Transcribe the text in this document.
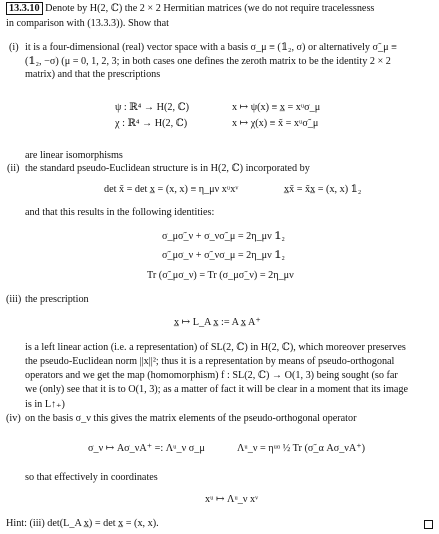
13.3.10 Denote by H(2, ℂ) the 2 × 2 Hermitian matrices (we do not require tracelessness
in comparison with (13.3.3)). Show that
(i) it is a four-dimensional (real) vector space with a basis σ_μ ≡ (𝟙₂, σ) or alternatively σ̃_μ ≡
(𝟙₂, −σ) (μ = 0, 1, 2, 3; in both cases one defines the zeroth matrix to be the identity 2 × 2
matrix) and that the prescriptions
ψ : ℝ⁴ → H(2, ℂ)	x ↦ ψ(x) ≡ x̲ = xᵘσ_μ
χ : ℝ⁴ → H(2, ℂ)	x ↦ χ(x) ≡ x̃ = xᵘσ̃_μ
are linear isomorphisms
(ii) the standard pseudo-Euclidean structure is in H(2, ℂ) incorporated by
det x̃ = det x̲ = (x, x) ≡ η_μν xᵘxᵛ	x̲x̃ = x̃x̲ = (x, x) 𝟙₂
and that this results in the following identities:
σ_μσ̃_ν + σ_νσ̃_μ = 2η_μν 𝟙₂
σ̃_μσ_ν + σ̃_νσ_μ = 2η_μν 𝟙₂
Tr (σ̃_μσ_ν) = Tr (σ_μσ̃_ν) = 2η_μν
(iii) the prescription
x̲ ↦ L_A x̲ := A x̲ A⁺
is a left linear action (i.e. a representation) of SL(2, ℂ) in H(2, ℂ), which moreover preserves
the pseudo-Euclidean norm ||x||²; thus it is a representation by means of pseudo-orthogonal
operators and we get the map (homomorphism) f : SL(2, ℂ) → O(1, 3) being sought (so far
we (only) see that it is to O(1, 3); as a matter of fact it will be clear in a moment that its image
is in L↑₊)
(iv) on the basis σ_ν this gives the matrix elements of the pseudo-orthogonal operator
σ_ν ↦ Aσ_νA⁺ =: Λᵘ_ν σ_μ	Λᵘ_ν = ηᵘᵅ ½ Tr (σ̃_α Aσ_νA⁺)
so that effectively in coordinates
xᵘ ↦ Λᵘ_ν xᵛ
Hint: (iii) det(L_A x̲) = det x̲ = (x, x).
